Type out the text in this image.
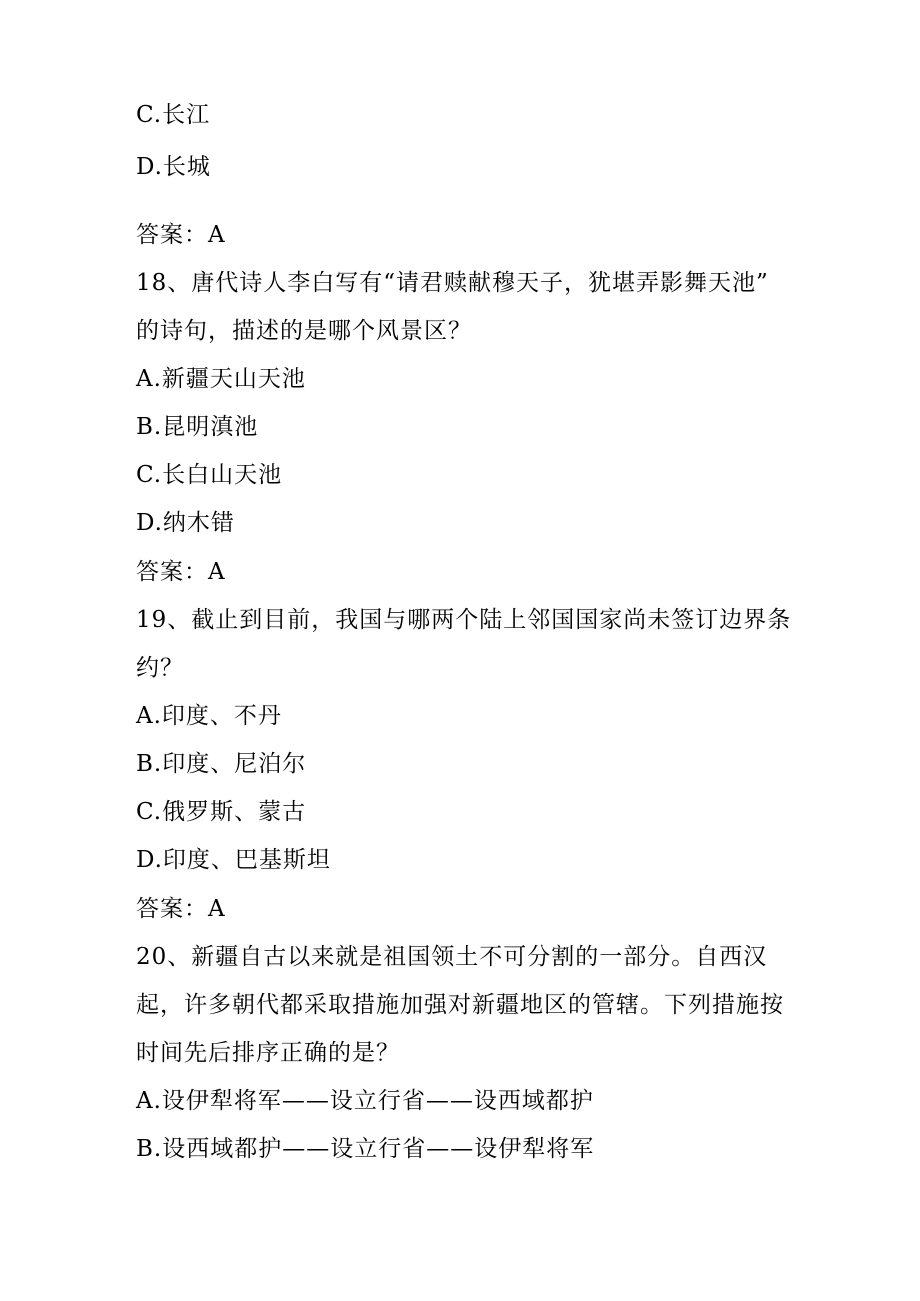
C.长江
D.长城
答案：A
18、唐代诗人李白写有“请君赎献穆天子，犹堪弄影舞天池”
的诗句，描述的是哪个风景区？
A.新疆天山天池
B.昆明滇池
C.长白山天池
D.纳木错
答案：A
19、截止到目前，我国与哪两个陆上邻国国家尚未签订边界条
约？
A.印度、不丹
B.印度、尼泊尔
C.俄罗斯、蒙古
D.印度、巴基斯坦
答案：A
20、新疆自古以来就是祖国领土不可分割的一部分。自西汉
起，许多朝代都采取措施加强对新疆地区的管辖。下列措施按
时间先后排序正确的是？
A.设伊犁将军——设立行省——设西域都护
B.设西域都护——设立行省——设伊犁将军
